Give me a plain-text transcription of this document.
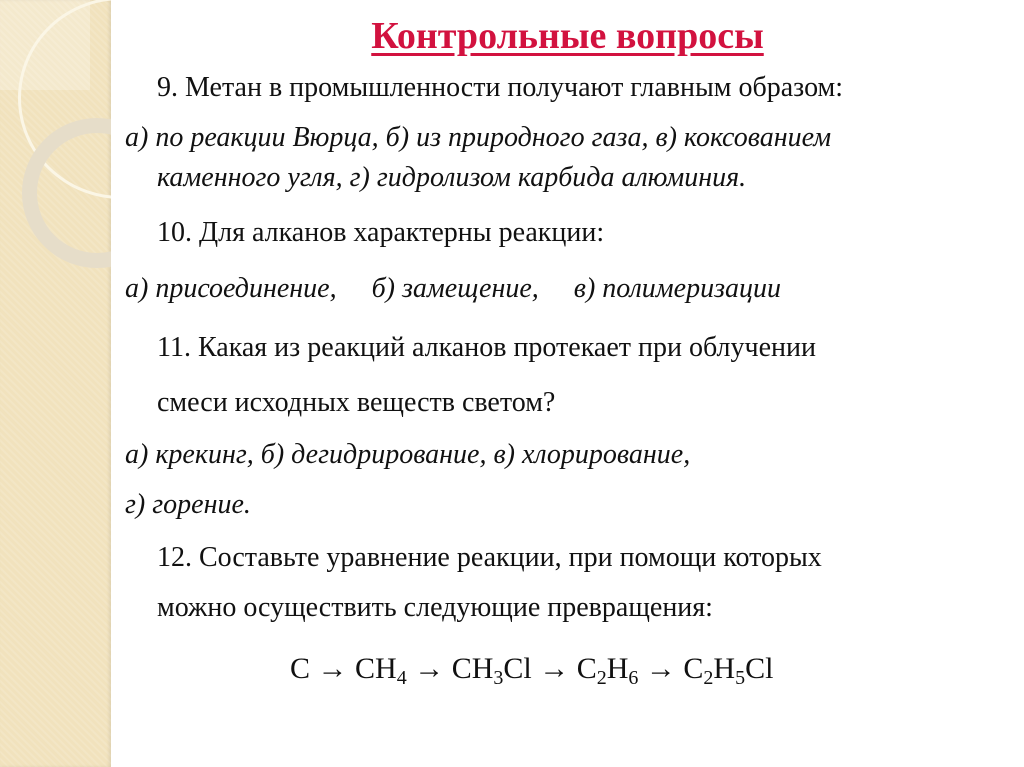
Контрольные вопросы
9. Метан в промышленности получают главным образом:
а) по реакции Вюрца, б) из природного газа, в) коксованием
каменного угля, г) гидролизом карбида алюминия.
10. Для алканов характерны реакции:
а) присоединение,     б) замещение,     в) полимеризации
11. Какая из реакций алканов протекает при облучении
смеси исходных веществ светом?
а) крекинг, б) дегидрирование, в) хлорирование,
г) горение.
12. Составьте уравнение реакции, при помощи которых
можно осуществить следующие превращения:
$C \to CH_4 \to CH_3Cl \to C_2H_6 \to C_2H_5Cl$
